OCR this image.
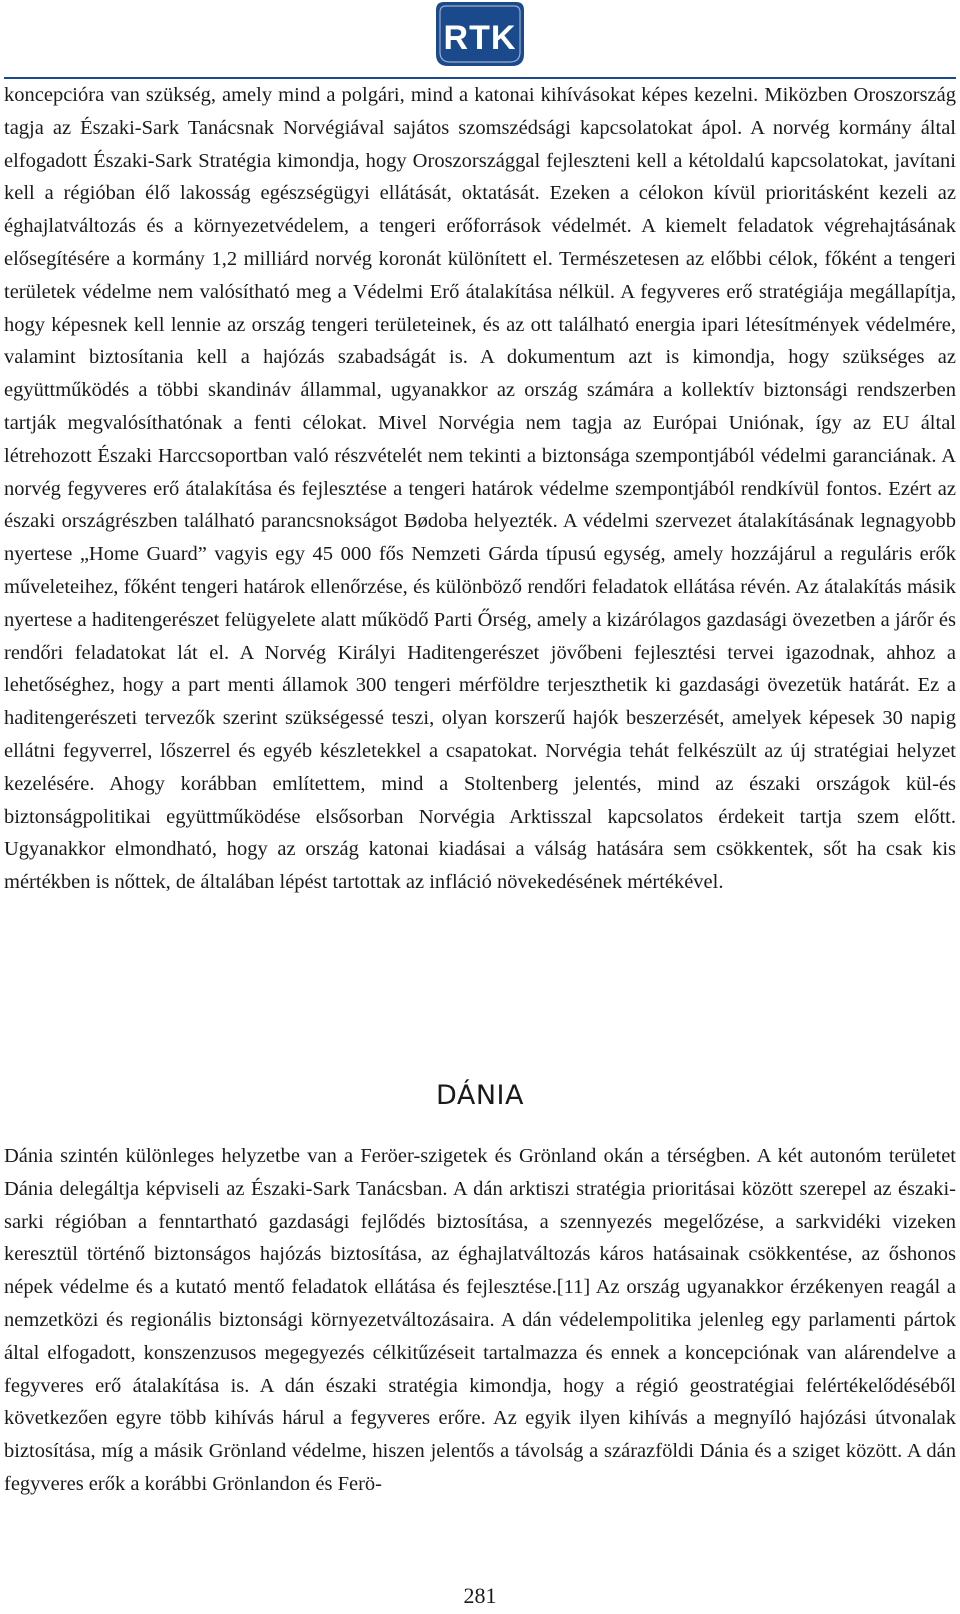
RTK

koncepcióra van szükség, amely mind a polgári, mind a katonai kihívásokat képes kezelni. Miközben Oroszország tagja az Északi-Sark Tanácsnak Norvégiával sajátos szomszédsági kapcsolatokat ápol. A norvég kormány által elfogadott Északi-Sark Stratégia kimondja, hogy Oroszországgal fejleszteni kell a kétoldalú kapcsolatokat, javítani kell a régióban élő lakosság egészségügyi ellátását, oktatását. Ezeken a célokon kívül prioritásként kezeli az éghajlatváltozás és a környezetvédelem, a tengeri erőforrások védelmét. A kiemelt feladatok végrehajtásának elősegítésére a kormány 1,2 milliárd norvég koronát különített el. Természetesen az előbbi célok, főként a tengeri területek védelme nem valósítható meg a Védelmi Erő átalakítása nélkül. A fegyveres erő stratégiája megállapítja, hogy képesnek kell lennie az ország tengeri területeinek, és az ott található energia ipari létesítmények védelmére, valamint biztosítania kell a hajózás szabadságát is. A dokumentum azt is kimondja, hogy szükséges az együttműködés a többi skandináv állammal, ugyanakkor az ország számára a kollektív biztonsági rendszerben tartják megvalósíthatónak a fenti célokat. Mivel Norvégia nem tagja az Európai Uniónak, így az EU által létrehozott Északi Harccsoportban való részvételét nem tekinti a biztonsága szempontjából védelmi garanciának. A norvég fegyveres erő átalakítása és fejlesztése a tengeri határok védelme szempontjából rendkívül fontos. Ezért az északi országrészben található parancsnokságot Bødoba helyezték. A védelmi szervezet átalakításának legnagyobb nyertese „Home Guard” vagyis egy 45 000 fős Nemzeti Gárda típusú egység, amely hozzájárul a reguláris erők műveleteihez, főként tengeri határok ellenőrzése, és különböző rendőri feladatok ellátása révén. Az átalakítás másik nyertese a haditengerészet felügyelete alatt működő Parti Őrség, amely a kizárólagos gazdasági övezetben a járőr és rendőri feladatokat lát el. A Norvég Királyi Haditengerészet jövőbeni fejlesztési tervei igazodnak, ahhoz a lehetőséghez, hogy a part menti államok 300 tengeri mérföldre terjeszthetik ki gazdasági övezetük határát. Ez a haditengerészeti tervezők szerint szükségessé teszi, olyan korszerű hajók beszerzését, amelyek képesek 30 napig ellátni fegyverrel, lőszerrel és egyéb készletekkel a csapatokat. Norvégia tehát felkészült az új stratégiai helyzet kezelésére. Ahogy korábban említettem, mind a Stoltenberg jelentés, mind az északi országok kül-és biztonságpolitikai együttműködése elsősorban Norvégia Arktisszal kapcsolatos érdekeit tartja szem előtt. Ugyanakkor elmondható, hogy az ország katonai kiadásai a válság hatására sem csökkentek, sőt ha csak kis mértékben is nőttek, de általában lépést tartottak az infláció növekedésének mértékével.

DÁNIA

Dánia szintén különleges helyzetbe van a Feröer-szigetek és Grönland okán a térségben. A két autonóm területet Dánia delegáltja képviseli az Északi-Sark Tanácsban. A dán arktiszi stratégia prioritásai között szerepel az északi-sarki régióban a fenntartható gazdasági fejlődés biztosítása, a szennyezés megelőzése, a sarkvidéki vizeken keresztül történő biztonságos hajózás biztosítása, az éghajlatváltozás káros hatásainak csökkentése, az őshonos népek védelme és a kutató mentő feladatok ellátása és fejlesztése.[11] Az ország ugyanakkor érzékenyen reagál a nemzetközi és regionális biztonsági környezetváltozásaira. A dán védelempolitika jelenleg egy parlamenti pártok által elfogadott, konszenzusos megegyezés célkitűzéseit tartalmazza és ennek a koncepciónak van alárendelve a fegyveres erő átalakítása is. A dán északi stratégia kimondja, hogy a régió geostratégiai felértékelődéséből következően egyre több kihívás hárul a fegyveres erőre. Az egyik ilyen kihívás a megnyíló hajózási útvonalak biztosítása, míg a másik Grönland védelme, hiszen jelentős a távolság a szárazföldi Dánia és a sziget között. A dán fegyveres erők a korábbi Grönlandon és Ferö-

281
